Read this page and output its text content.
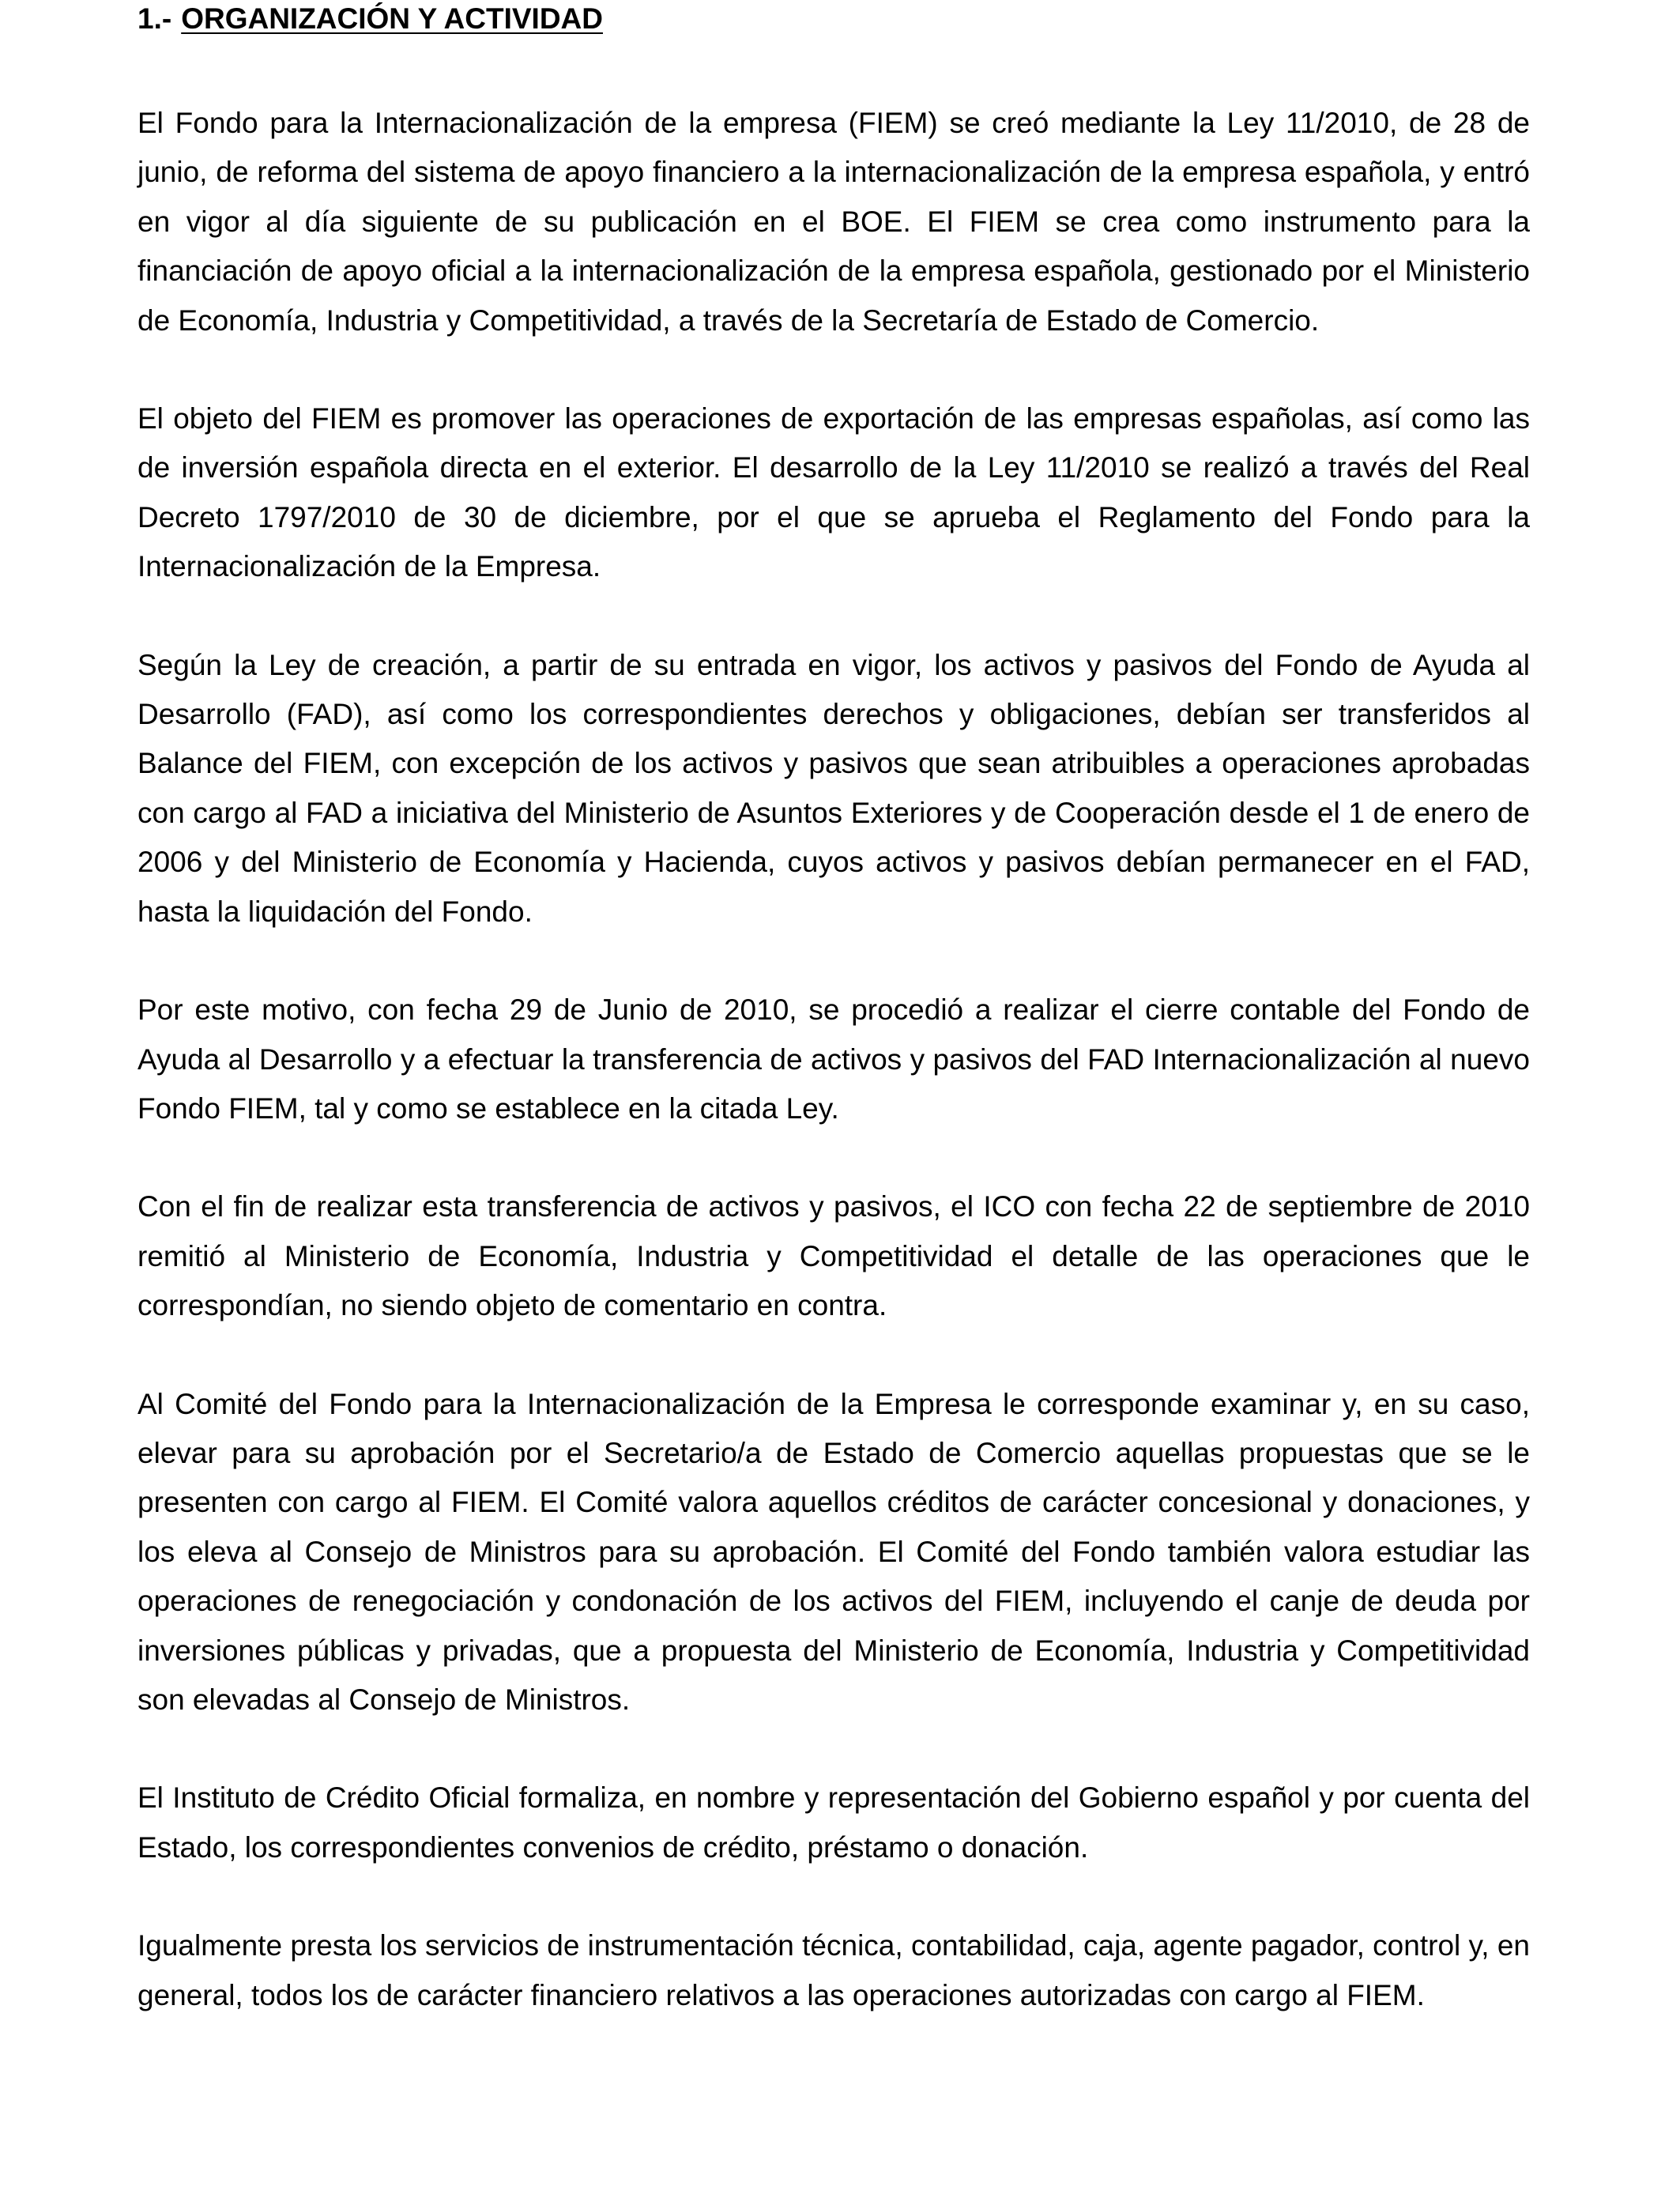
1.- ORGANIZACIÓN Y ACTIVIDAD

El Fondo para la Internacionalización de la empresa (FIEM) se creó mediante la Ley 11/2010, de 28 de junio, de reforma del sistema de apoyo financiero a la internacionalización de la empresa española, y entró en vigor al día siguiente de su publicación en el BOE. El FIEM se crea como instrumento para la financiación de apoyo oficial a la internacionalización de la empresa española, gestionado por el Ministerio de Economía, Industria y Competitividad, a través de la Secretaría de Estado de Comercio.

El objeto del FIEM es promover las operaciones de exportación de las empresas españolas, así como las de inversión española directa en el exterior. El desarrollo de la Ley 11/2010 se realizó a través del Real Decreto 1797/2010 de 30 de diciembre, por el que se aprueba el Reglamento del Fondo para la Internacionalización de la Empresa.

Según la Ley de creación, a partir de su entrada en vigor, los activos y pasivos del Fondo de Ayuda al Desarrollo (FAD), así como los correspondientes derechos y obligaciones, debían ser transferidos al Balance del FIEM, con excepción de los activos y pasivos que sean atribuibles a operaciones aprobadas con cargo al FAD a iniciativa del Ministerio de Asuntos Exteriores y de Cooperación desde el 1 de enero de 2006 y del Ministerio de Economía y Hacienda, cuyos activos y pasivos debían permanecer en el FAD, hasta la liquidación del Fondo.

Por este motivo, con fecha 29 de Junio de 2010, se procedió a realizar el cierre contable del Fondo de Ayuda al Desarrollo y a efectuar la transferencia de activos y pasivos del FAD Internacionalización al nuevo Fondo FIEM, tal y como se establece en la citada Ley.

Con el fin de realizar esta transferencia de activos y pasivos, el ICO con fecha 22 de septiembre de 2010 remitió al Ministerio de Economía, Industria y Competitividad el detalle de las operaciones que le correspondían, no siendo objeto de comentario en contra.

Al Comité del Fondo para la Internacionalización de la Empresa le corresponde examinar y, en su caso, elevar para su aprobación por el Secretario/a de Estado de Comercio aquellas propuestas que se le presenten con cargo al FIEM. El Comité valora aquellos créditos de carácter concesional y donaciones, y los eleva al Consejo de Ministros para su aprobación. El Comité del Fondo también valora estudiar las operaciones de renegociación y condonación de los activos del FIEM, incluyendo el canje de deuda por inversiones públicas y privadas, que a propuesta del Ministerio de Economía, Industria y Competitividad son elevadas al Consejo de Ministros.

El Instituto de Crédito Oficial formaliza, en nombre y representación del Gobierno español y por cuenta del Estado, los correspondientes convenios de crédito, préstamo o donación.

Igualmente presta los servicios de instrumentación técnica, contabilidad, caja, agente pagador, control y, en general, todos los de carácter financiero relativos a las operaciones autorizadas con cargo al FIEM.
